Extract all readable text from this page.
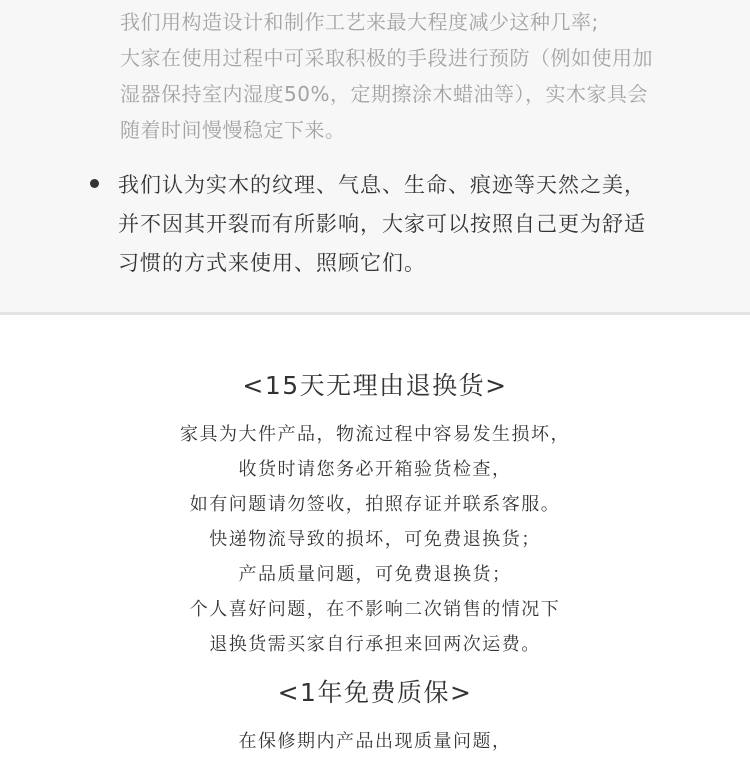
我们用构造设计和制作工艺来最大程度减少这种几率;
大家在使用过程中可采取积极的手段进行预防（例如使用加
湿器保持室内湿度50%，定期擦涂木蜡油等），实木家具会
随着时间慢慢稳定下来。
我们认为实木的纹理、气息、生命、痕迹等天然之美，
并不因其开裂而有所影响，大家可以按照自己更为舒适
习惯的方式来使用、照顾它们。
<15天无理由退换货>
家具为大件产品，物流过程中容易发生损坏，
收货时请您务必开箱验货检查，
如有问题请勿签收，拍照存证并联系客服。
快递物流导致的损坏，可免费退换货；
产品质量问题，可免费退换货；
个人喜好问题，在不影响二次销售的情况下
退换货需买家自行承担来回两次运费。
<1年免费质保>
在保修期内产品出现质量问题，
